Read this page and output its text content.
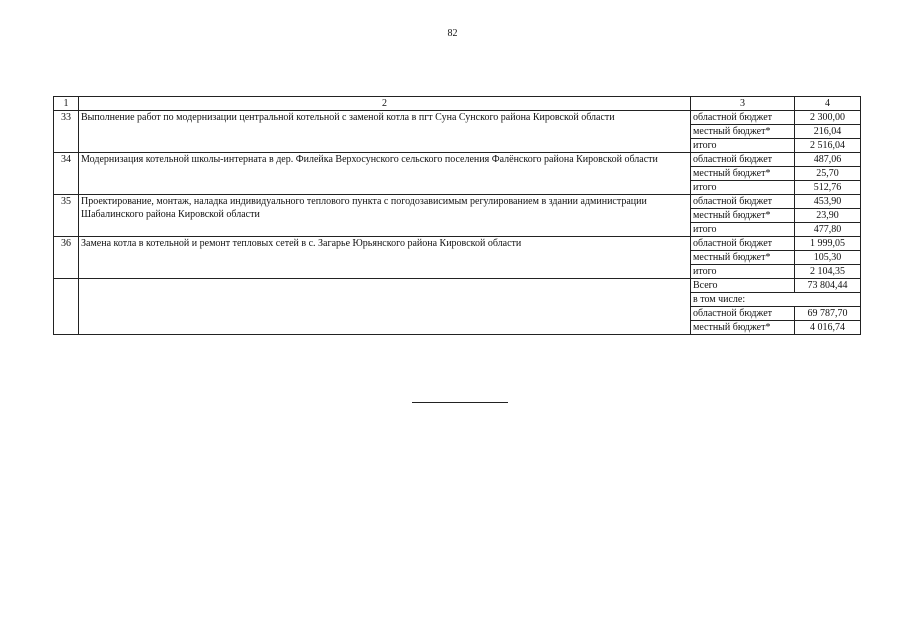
82
1	2	3	4
33	Выполнение работ по модернизации центральной котельной с заменой котла в пгт Суна Сунского района Кировской области	областной бюджет	2 300,00
		местный бюджет*	216,04
		итого	2 516,04
34	Модернизация котельной школы-интерната в дер. Филейка Верхосунского сельского поселения Фалёнского района Кировской области	областной бюджет	487,06
		местный бюджет*	25,70
		итого	512,76
35	Проектирование, монтаж, наладка индивидуального теплового пункта с погодозависимым регулированием в здании администрации Шабалинского района Кировской области	областной бюджет	453,90
		местный бюджет*	23,90
		итого	477,80
36	Замена котла в котельной и ремонт тепловых сетей в с. Загарье Юрьянского района Кировской области	областной бюджет	1 999,05
		местный бюджет*	105,30
		итого	2 104,35
		Всего	73 804,44
		в том числе:	
		областной бюджет	69 787,70
		местный бюджет*	4 016,74
